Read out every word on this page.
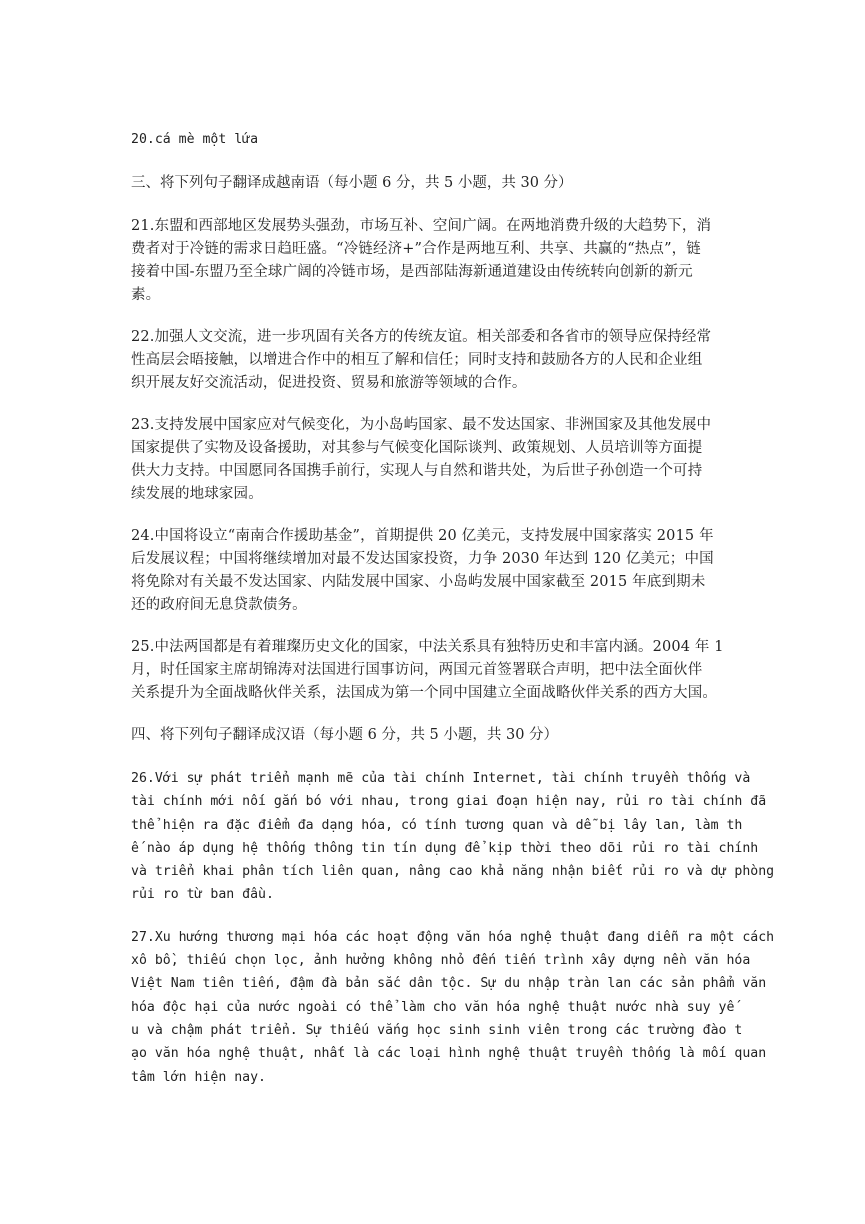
20.cá mè một lứa

三、将下列句子翻译成越南语（每小题 6 分，共 5 小题，共 30 分）

21.东盟和西部地区发展势头强劲，市场互补、空间广阔。在两地消费升级的大趋势下，消

费者对于冷链的需求日趋旺盛。“冷链经济+”合作是两地互利、共享、共赢的“热点”，链

接着中国-东盟乃至全球广阔的冷链市场，是西部陆海新通道建设由传统转向创新的新元

素。

22.加强人文交流，进一步巩固有关各方的传统友谊。相关部委和各省市的领导应保持经常

性高层会晤接触，以增进合作中的相互了解和信任；同时支持和鼓励各方的人民和企业组

织开展友好交流活动，促进投资、贸易和旅游等领域的合作。

23.支持发展中国家应对气候变化，为小岛屿国家、最不发达国家、非洲国家及其他发展中

国家提供了实物及设备援助，对其参与气候变化国际谈判、政策规划、人员培训等方面提

供大力支持。中国愿同各国携手前行，实现人与自然和谐共处，为后世子孙创造一个可持

续发展的地球家园。

24.中国将设立“南南合作援助基金”，首期提供 20 亿美元，支持发展中国家落实 2015 年

后发展议程；中国将继续增加对最不发达国家投资，力争 2030 年达到 120 亿美元；中国

将免除对有关最不发达国家、内陆发展中国家、小岛屿发展中国家截至 2015 年底到期未

还的政府间无息贷款债务。

25.中法两国都是有着璀璨历史文化的国家，中法关系具有独特历史和丰富内涵。2004 年 1

月，时任国家主席胡锦涛对法国进行国事访问，两国元首签署联合声明，把中法全面伙伴

关系提升为全面战略伙伴关系，法国成为第一个同中国建立全面战略伙伴关系的西方大国。

四、将下列句子翻译成汉语（每小题 6 分，共 5 小题，共 30 分）

26.Với sự phát triển mạnh mẽ của tài chính Internet, tài chính truyền thống và

tài chính mới nối gắn bó với nhau, trong giai đoạn hiện nay, rủi ro tài chính đã

thể hiện ra đặc điểm đa dạng hóa, có tính tương quan và dễ bị lây lan, làm th

ế nào áp dụng hệ thống thông tin tín dụng để kịp thời theo dõi rủi ro tài chính

và triển khai phân tích liên quan, nâng cao khả năng nhận biết rủi ro và dự phòng

rủi ro từ ban đầu.

27.Xu hướng thương mại hóa các hoạt động văn hóa nghệ thuật đang diễn ra một cách

xô bồ, thiếu chọn lọc, ảnh hưởng không nhỏ đến tiến trình xây dựng nền văn hóa

Việt Nam tiên tiến, đậm đà bản sắc dân tộc. Sự du nhập tràn lan các sản phẩm văn

hóa độc hại của nước ngoài có thể làm cho văn hóa nghệ thuật nước nhà suy yế

u và chậm phát triển. Sự thiếu vắng học sinh sinh viên trong các trường đào t

ạo văn hóa nghệ thuật, nhất là các loại hình nghệ thuật truyền thống là mối quan

tâm lớn hiện nay.
